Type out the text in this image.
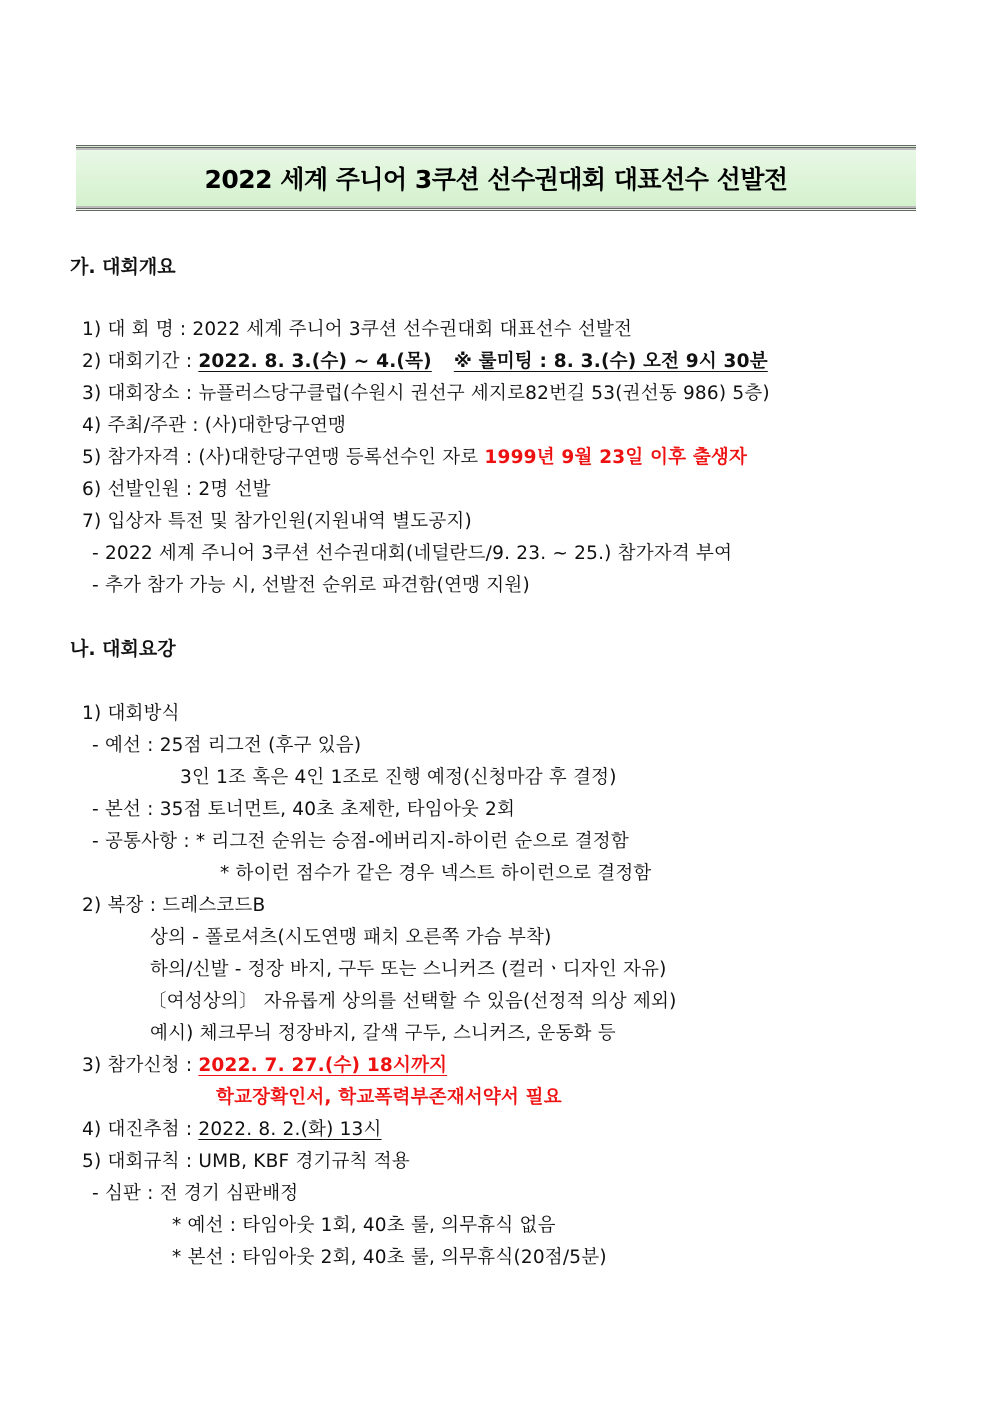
2022 세계 주니어 3쿠션 선수권대회 대표선수 선발전
가. 대회개요
1) 대 회 명 : 2022 세계 주니어 3쿠션 선수권대회 대표선수 선발전
2) 대회기간 : 2022. 8. 3.(수) ~ 4.(목) ※ 룰미팅 : 8. 3.(수) 오전 9시 30분
3) 대회장소 : 뉴플러스당구클럽(수원시 권선구 세지로82번길 53(권선동 986) 5층)
4) 주최/주관 : (사)대한당구연맹
5) 참가자격 : (사)대한당구연맹 등록선수인 자로 1999년 9월 23일 이후 출생자
6) 선발인원 : 2명 선발
7) 입상자 특전 및 참가인원(지원내역 별도공지)
- 2022 세계 주니어 3쿠션 선수권대회(네덜란드/9. 23. ~ 25.) 참가자격 부여
- 추가 참가 가능 시, 선발전 순위로 파견함(연맹 지원)
나. 대회요강
1) 대회방식
- 예선 : 25점 리그전 (후구 있음)
3인 1조 혹은 4인 1조로 진행 예정(신청마감 후 결정)
- 본선 : 35점 토너먼트, 40초 초제한, 타임아웃 2회
- 공통사항 : * 리그전 순위는 승점-에버리지-하이런 순으로 결정함
* 하이런 점수가 같은 경우 넥스트 하이런으로 결정함
2) 복장 : 드레스코드B
상의 - 폴로셔츠(시도연맹 패치 오른쪽 가슴 부착)
하의/신발 - 정장 바지, 구두 또는 스니커즈 (컬러ㆍ디자인 자유)
〔여성상의〕 자유롭게 상의를 선택할 수 있음(선정적 의상 제외)
예시) 체크무늬 정장바지, 갈색 구두, 스니커즈, 운동화 등
3) 참가신청 : 2022. 7. 27.(수) 18시까지
학교장확인서, 학교폭력부존재서약서 필요
4) 대진추첨 : 2022. 8. 2.(화) 13시
5) 대회규칙 : UMB, KBF 경기규칙 적용
- 심판 : 전 경기 심판배정
* 예선 : 타임아웃 1회, 40초 룰, 의무휴식 없음
* 본선 : 타임아웃 2회, 40초 룰, 의무휴식(20점/5분)
